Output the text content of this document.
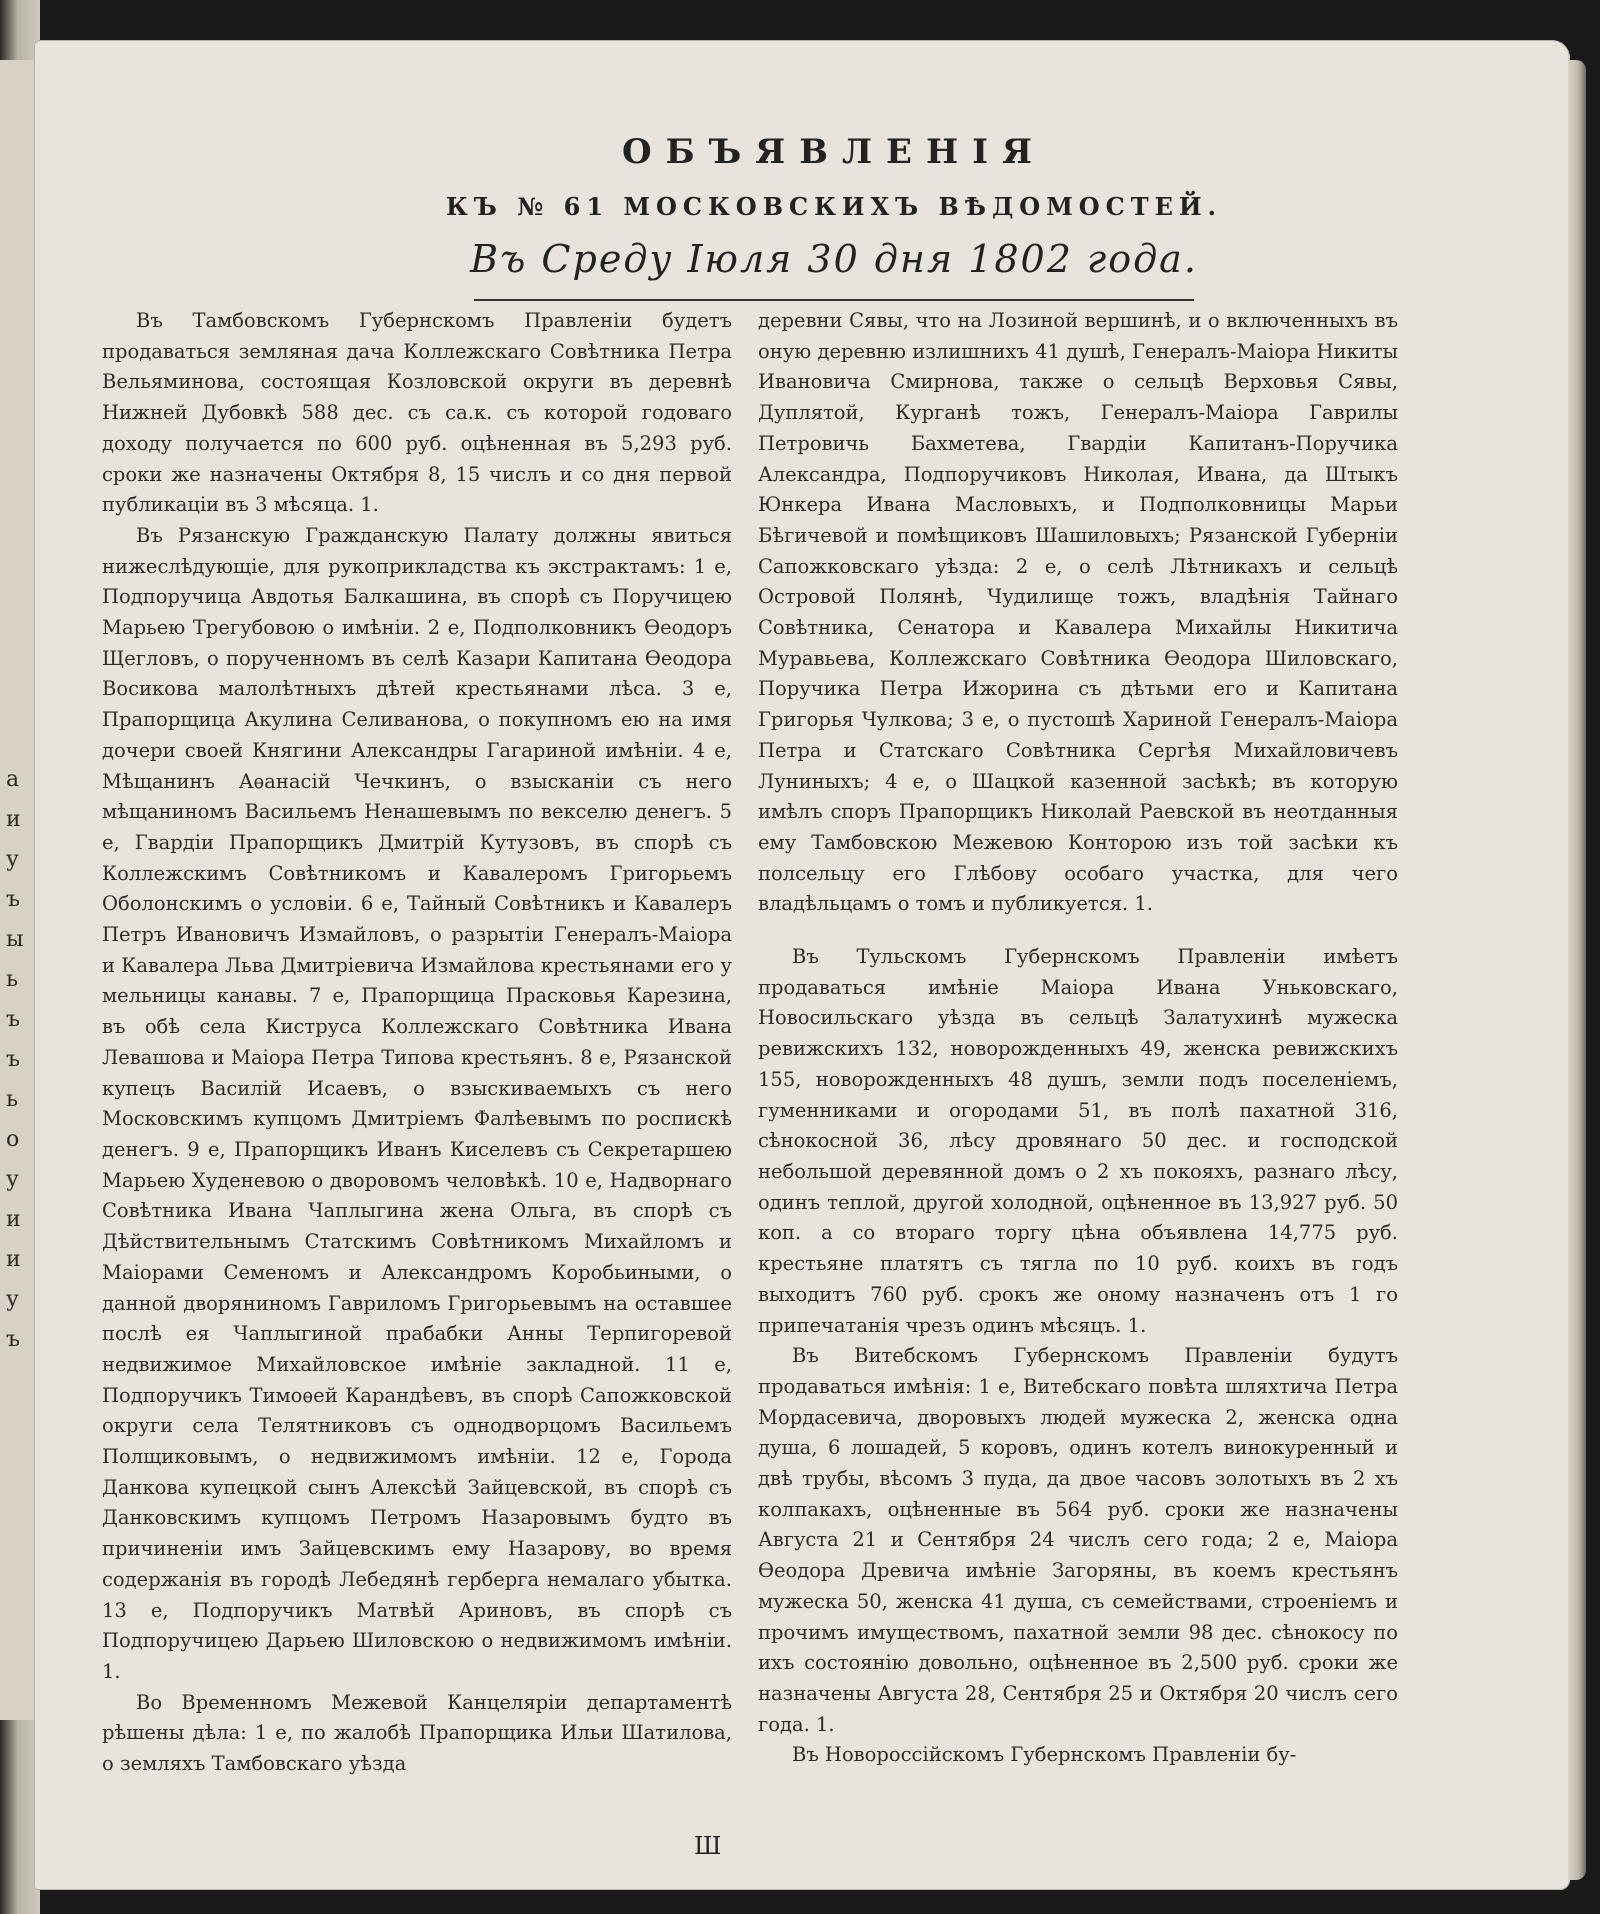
а
и
у
ъ
ы
ь
ъ
ъ
ь
о
у
и
и
у
ъ
ОБЪЯВЛЕНІЯ
КЪ № 61 МОСКОВСКИХЪ ВѢДОМОСТЕЙ.
Въ Среду Іюля 30 дня 1802 года.

Въ Тамбовскомъ Губернскомъ Правленіи будетъ продаваться земляная дача Коллежскаго Совѣтника Петра Вельяминова, состоящая Козловской округи въ деревнѣ Нижней Дубовкѣ 588 дес. съ са.к. съ которой годоваго доходу получается по 600 руб. оцѣненная въ 5,293 руб. сроки же назначены Октября 8, 15 числъ и со дня первой публикаціи въ 3 мѣсяца. 1.

Въ Рязанскую Гражданскую Палату должны явиться нижеслѣдующіе, для рукоприкладства къ экстрактамъ: 1 е, Подпоручица Авдотья Балкашина, въ спорѣ съ Поручицею Марьею Трегубовою о имѣніи. 2 е, Подполковникъ Ѳеодоръ Щегловъ, о порученномъ въ селѣ Казари Капитана Ѳеодора Восикова малолѣтныхъ дѣтей крестьянами лѣса. 3 е, Прапорщица Акулина Селиванова, о покупномъ ею на имя дочери своей Княгини Александры Гагариной имѣніи. 4 е, Мѣщанинъ Аѳанасій Чечкинъ, о взысканіи съ него мѣщаниномъ Васильемъ Ненашевымъ по векселю денегъ. 5 е, Гвардіи Прапорщикъ Дмитрій Кутузовъ, въ спорѣ съ Коллежскимъ Совѣтникомъ и Кавалеромъ Григорьемъ Оболонскимъ о условіи. 6 е, Тайный Совѣтникъ и Кавалеръ Петръ Ивановичъ Измайловъ, о разрытіи Генералъ-Маіора и Кавалера Льва Дмитріевича Измайлова крестьянами его у мельницы канавы. 7 е, Прапорщица Прасковья Карезина, въ обѣ села Киструса Коллежскаго Совѣтника Ивана Левашова и Маіора Петра Типова крестьянъ. 8 е, Рязанской купецъ Василій Исаевъ, о взыскиваемыхъ съ него Московскимъ купцомъ Дмитріемъ Фалѣевымъ по роспискѣ денегъ. 9 е, Прапорщикъ Иванъ Киселевъ съ Секретаршею Марьею Худеневою о дворовомъ человѣкѣ. 10 е, Надворнаго Совѣтника Ивана Чаплыгина жена Ольга, въ спорѣ съ Дѣйствительнымъ Статскимъ Совѣтникомъ Михайломъ и Маіорами Семеномъ и Александромъ Коробьиными, о данной дворяниномъ Гавриломъ Григорьевымъ на оставшее послѣ ея Чаплыгиной прабабки Анны Терпигоревой недвижимое Михайловское имѣніе закладной. 11 е, Подпоручикъ Тимоѳей Карандѣевъ, въ спорѣ Сапожковской округи села Телятниковъ съ однодворцомъ Васильемъ Полщиковымъ, о недвижимомъ имѣніи. 12 е, Города Данкова купецкой сынъ Алексѣй Зайцевской, въ спорѣ съ Данковскимъ купцомъ Петромъ Назаровымъ будто въ причиненіи имъ Зайцевскимъ ему Назарову, во время содержанія въ городѣ Лебедянѣ герберга немалаго убытка. 13 е, Подпоручикъ Матвѣй Ариновъ, въ спорѣ съ Подпоручицею Дарьею Шиловскою о недвижимомъ имѣніи. 1.

Во Временномъ Межевой Канцеляріи департаментѣ рѣшены дѣла: 1 е, по жалобѣ Прапорщика Ильи Шатилова, о земляхъ Тамбовскаго уѣзда

деревни Сявы, что на Лозиной вершинѣ, и о включенныхъ въ оную деревню излишнихъ 41 душѣ, Генералъ-Маіора Никиты Ивановича Смирнова, также о сельцѣ Верховья Сявы, Дуплятой, Курганѣ тожъ, Генералъ-Маіора Гаврилы Петровичь Бахметева, Гвардіи Капитанъ-Поручика Александра, Подпоручиковъ Николая, Ивана, да Штыкъ Юнкера Ивана Масловыхъ, и Подполковницы Марьи Бѣгичевой и помѣщиковъ Шашиловыхъ; Рязанской Губерніи Сапожковскаго уѣзда: 2 е, о селѣ Лѣтникахъ и сельцѣ Островой Полянѣ, Чудилище тожъ, владѣнія Тайнаго Совѣтника, Сенатора и Кавалера Михайлы Никитича Муравьева, Коллежскаго Совѣтника Ѳеодора Шиловскаго, Поручика Петра Ижорина съ дѣтьми его и Капитана Григорья Чулкова; 3 е, о пустошѣ Хариной Генералъ-Маіора Петра и Статскаго Совѣтника Сергѣя Михайловичевъ Луниныхъ; 4 е, о Шацкой казенной засѣкѣ; въ которую имѣлъ споръ Прапорщикъ Николай Раевской въ неотданныя ему Тамбовскою Межевою Конторою изъ той засѣки къ полсельцу его Глѣбову особаго участка, для чего владѣльцамъ о томъ и публикуется. 1.

Въ Тульскомъ Губернскомъ Правленіи имѣетъ продаваться имѣніе Маіора Ивана Уньковскаго, Новосильскаго уѣзда въ сельцѣ Залатухинѣ мужеска ревижскихъ 132, новорожденныхъ 49, женска ревижскихъ 155, новорожденныхъ 48 душъ, земли подъ поселеніемъ, гуменниками и огородами 51, въ полѣ пахатной 316, сѣнокосной 36, лѣсу дровянаго 50 дес. и господской небольшой деревянной домъ о 2 хъ покояхъ, разнаго лѣсу, одинъ теплой, другой холодной, оцѣненное въ 13,927 руб. 50 коп. а со втораго торгу цѣна объявлена 14,775 руб. крестьяне платятъ съ тягла по 10 руб. коихъ въ годъ выходитъ 760 руб. срокъ же оному назначенъ отъ 1 го припечатанія чрезъ одинъ мѣсяцъ. 1.

Въ Витебскомъ Губернскомъ Правленіи будутъ продаваться имѣнія: 1 е, Витебскаго повѣта шляхтича Петра Мордасевича, дворовыхъ людей мужеска 2, женска одна душа, 6 лошадей, 5 коровъ, одинъ котелъ винокуренный и двѣ трубы, вѣсомъ 3 пуда, да двое часовъ золотыхъ въ 2 хъ колпакахъ, оцѣненные въ 564 руб. сроки же назначены Августа 21 и Сентября 24 числъ сего года; 2 е, Маіора Ѳеодора Древича имѣніе Загоряны, въ коемъ крестьянъ мужеска 50, женска 41 душа, съ семействами, строеніемъ и прочимъ имуществомъ, пахатной земли 98 дес. сѣнокосу по ихъ состоянію довольно, оцѣненное въ 2,500 руб. сроки же назначены Августа 28, Сентября 25 и Октября 20 числъ сего года. 1.

Въ Новороссійскомъ Губернскомъ Правленіи бу-

Ш
